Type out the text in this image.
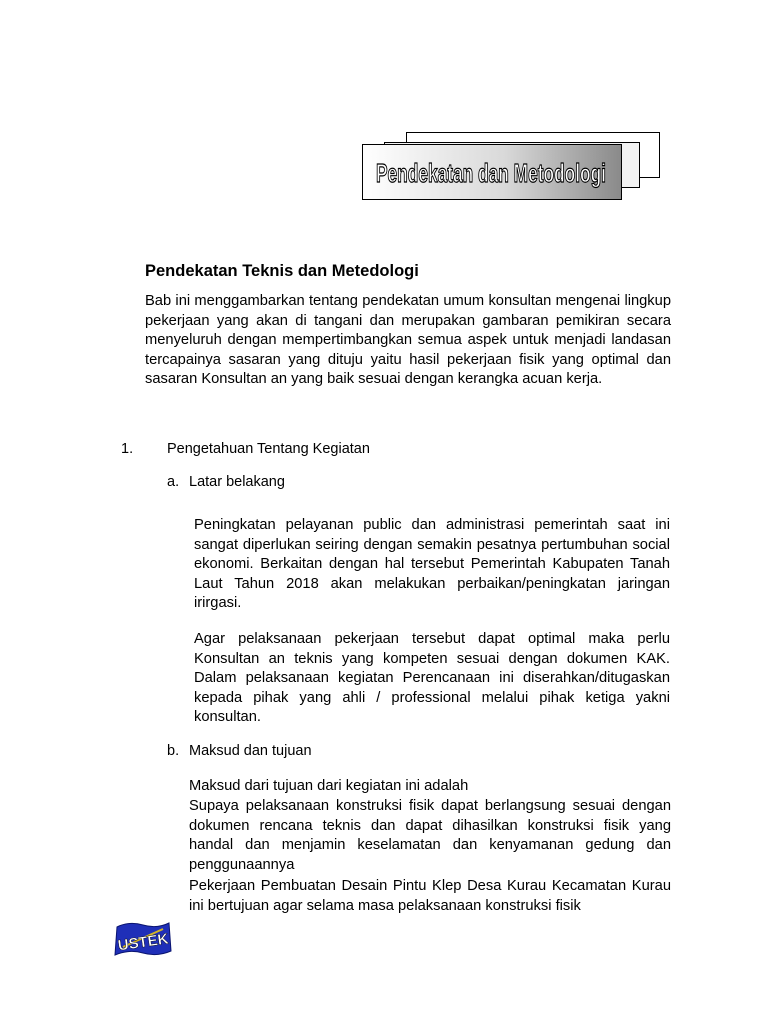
Pendekatan dan Metodologi
Pendekatan Teknis dan Metedologi

Bab ini menggambarkan tentang pendekatan umum konsultan mengenai lingkup pekerjaan yang akan di tangani dan merupakan gambaran pemikiran secara menyeluruh dengan mempertimbangkan semua aspek untuk menjadi landasan tercapainya sasaran yang dituju yaitu hasil pekerjaan fisik yang optimal dan sasaran Konsultan an yang baik sesuai dengan kerangka acuan kerja.

1. Pengetahuan Tentang Kegiatan
a. Latar belakang

Peningkatan pelayanan public dan administrasi pemerintah saat ini sangat diperlukan seiring dengan semakin pesatnya pertumbuhan social ekonomi. Berkaitan dengan hal tersebut Pemerintah Kabupaten Tanah Laut Tahun 2018 akan melakukan perbaikan/peningkatan jaringan irirgasi.

Agar pelaksanaan pekerjaan tersebut dapat optimal maka perlu Konsultan an teknis yang kompeten sesuai dengan dokumen KAK. Dalam pelaksanaan kegiatan Perencanaan ini diserahkan/ditugaskan kepada pihak yang ahli / professional melalui pihak ketiga yakni konsultan.

b. Maksud dan tujuan

Maksud dari tujuan dari kegiatan ini adalah

Supaya pelaksanaan konstruksi fisik dapat berlangsung sesuai dengan dokumen rencana teknis dan dapat dihasilkan konstruksi fisik yang handal dan menjamin keselamatan dan kenyamanan gedung dan penggunaannya

Pekerjaan Pembuatan Desain Pintu Klep Desa Kurau Kecamatan Kurau ini bertujuan agar selama masa pelaksanaan konstruksi fisik

USTEK
